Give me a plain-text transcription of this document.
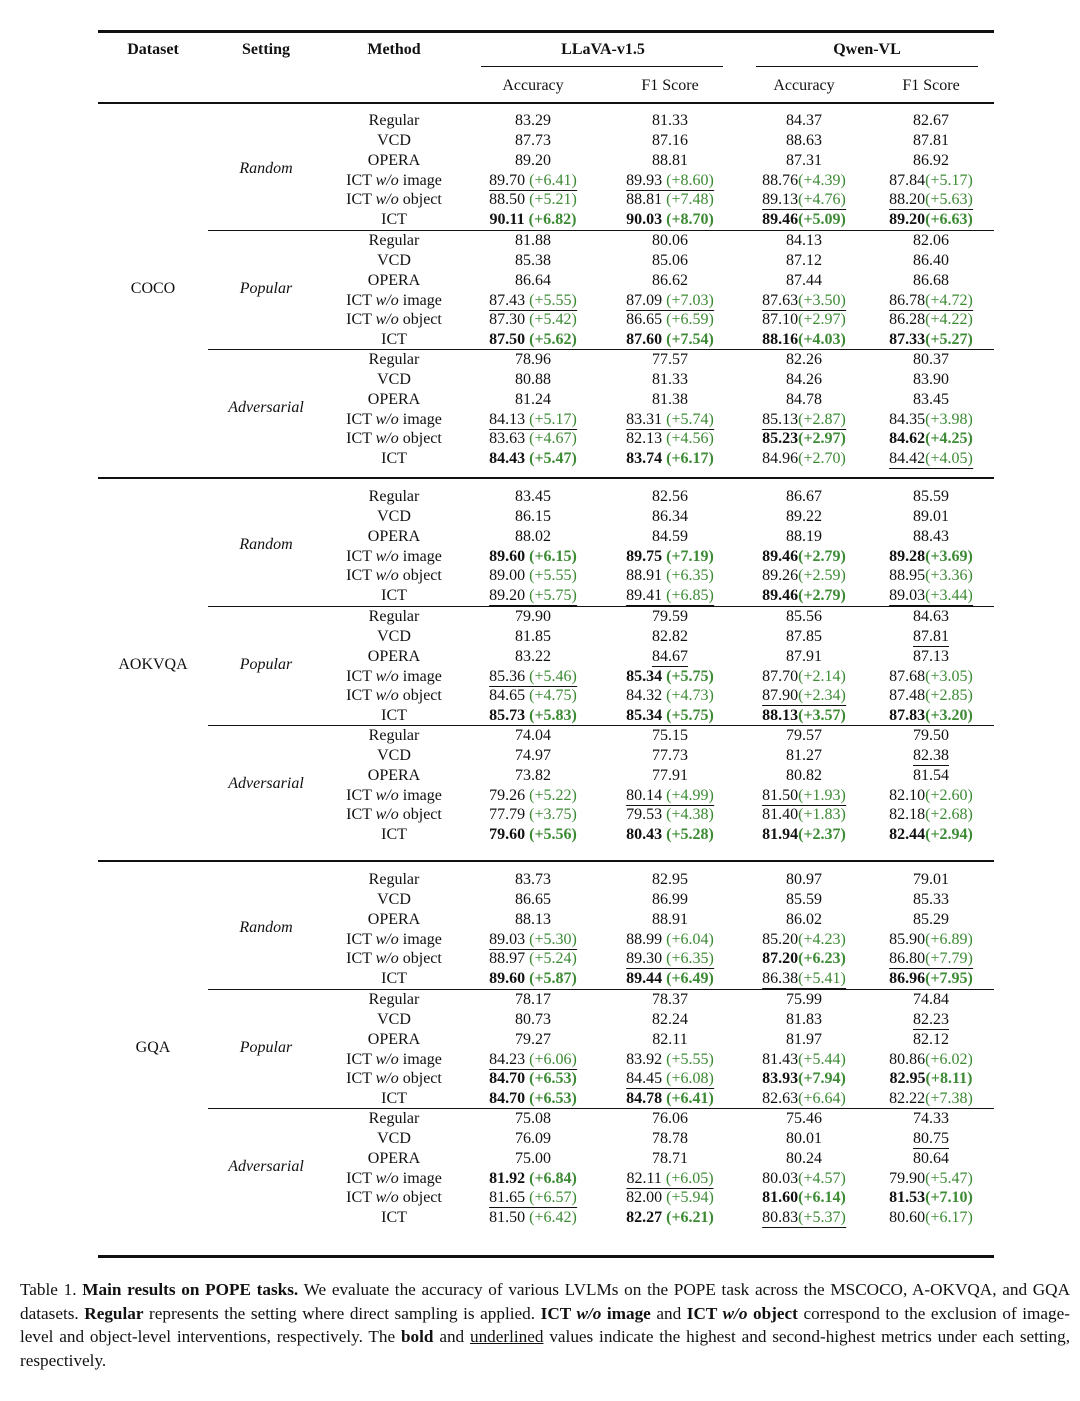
Dataset	Setting	Method	LLaVA-v1.5	Qwen-VL
Accuracy	F1 Score	Accuracy	F1 Score
COCO
Random
Regular	83.29	81.33	84.37	82.67
VCD	87.73	87.16	88.63	87.81
OPERA	89.20	88.81	87.31	86.92
ICT w/o image	89.70 (+6.41)	89.93 (+8.60)	88.76(+4.39)	87.84(+5.17)
ICT w/o object	88.50 (+5.21)	88.81 (+7.48)	89.13(+4.76)	88.20(+5.63)
ICT	90.11 (+6.82)	90.03 (+8.70)	89.46(+5.09)	89.20(+6.63)
Popular
Regular	81.88	80.06	84.13	82.06
VCD	85.38	85.06	87.12	86.40
OPERA	86.64	86.62	87.44	86.68
ICT w/o image	87.43 (+5.55)	87.09 (+7.03)	87.63(+3.50)	86.78(+4.72)
ICT w/o object	87.30 (+5.42)	86.65 (+6.59)	87.10(+2.97)	86.28(+4.22)
ICT	87.50 (+5.62)	87.60 (+7.54)	88.16(+4.03)	87.33(+5.27)
Adversarial
Regular	78.96	77.57	82.26	80.37
VCD	80.88	81.33	84.26	83.90
OPERA	81.24	81.38	84.78	83.45
ICT w/o image	84.13 (+5.17)	83.31 (+5.74)	85.13(+2.87)	84.35(+3.98)
ICT w/o object	83.63 (+4.67)	82.13 (+4.56)	85.23(+2.97)	84.62(+4.25)
ICT	84.43 (+5.47)	83.74 (+6.17)	84.96(+2.70)	84.42(+4.05)
AOKVQA
Random
Regular	83.45	82.56	86.67	85.59
VCD	86.15	86.34	89.22	89.01
OPERA	88.02	84.59	88.19	88.43
ICT w/o image	89.60 (+6.15)	89.75 (+7.19)	89.46(+2.79)	89.28(+3.69)
ICT w/o object	89.00 (+5.55)	88.91 (+6.35)	89.26(+2.59)	88.95(+3.36)
ICT	89.20 (+5.75)	89.41 (+6.85)	89.46(+2.79)	89.03(+3.44)
Popular
Regular	79.90	79.59	85.56	84.63
VCD	81.85	82.82	87.85	87.81
OPERA	83.22	84.67	87.91	87.13
ICT w/o image	85.36 (+5.46)	85.34 (+5.75)	87.70(+2.14)	87.68(+3.05)
ICT w/o object	84.65 (+4.75)	84.32 (+4.73)	87.90(+2.34)	87.48(+2.85)
ICT	85.73 (+5.83)	85.34 (+5.75)	88.13(+3.57)	87.83(+3.20)
Adversarial
Regular	74.04	75.15	79.57	79.50
VCD	74.97	77.73	81.27	82.38
OPERA	73.82	77.91	80.82	81.54
ICT w/o image	79.26 (+5.22)	80.14 (+4.99)	81.50(+1.93)	82.10(+2.60)
ICT w/o object	77.79 (+3.75)	79.53 (+4.38)	81.40(+1.83)	82.18(+2.68)
ICT	79.60 (+5.56)	80.43 (+5.28)	81.94(+2.37)	82.44(+2.94)
GQA
Random
Regular	83.73	82.95	80.97	79.01
VCD	86.65	86.99	85.59	85.33
OPERA	88.13	88.91	86.02	85.29
ICT w/o image	89.03 (+5.30)	88.99 (+6.04)	85.20(+4.23)	85.90(+6.89)
ICT w/o object	88.97 (+5.24)	89.30 (+6.35)	87.20(+6.23)	86.80(+7.79)
ICT	89.60 (+5.87)	89.44 (+6.49)	86.38(+5.41)	86.96(+7.95)
Popular
Regular	78.17	78.37	75.99	74.84
VCD	80.73	82.24	81.83	82.23
OPERA	79.27	82.11	81.97	82.12
ICT w/o image	84.23 (+6.06)	83.92 (+5.55)	81.43(+5.44)	80.86(+6.02)
ICT w/o object	84.70 (+6.53)	84.45 (+6.08)	83.93(+7.94)	82.95(+8.11)
ICT	84.70 (+6.53)	84.78 (+6.41)	82.63(+6.64)	82.22(+7.38)
Adversarial
Regular	75.08	76.06	75.46	74.33
VCD	76.09	78.78	80.01	80.75
OPERA	75.00	78.71	80.24	80.64
ICT w/o image	81.92 (+6.84)	82.11 (+6.05)	80.03(+4.57)	79.90(+5.47)
ICT w/o object	81.65 (+6.57)	82.00 (+5.94)	81.60(+6.14)	81.53(+7.10)
ICT	81.50 (+6.42)	82.27 (+6.21)	80.83(+5.37)	80.60(+6.17)
Table 1. Main results on POPE tasks. We evaluate the accuracy of various LVLMs on the POPE task across the MSCOCO, A-OKVQA, and GQA datasets. Regular represents the setting where direct sampling is applied. ICT w/o image and ICT w/o object correspond to the exclusion of image-level and object-level interventions, respectively. The bold and underlined values indicate the highest and second-highest metrics under each setting, respectively.
